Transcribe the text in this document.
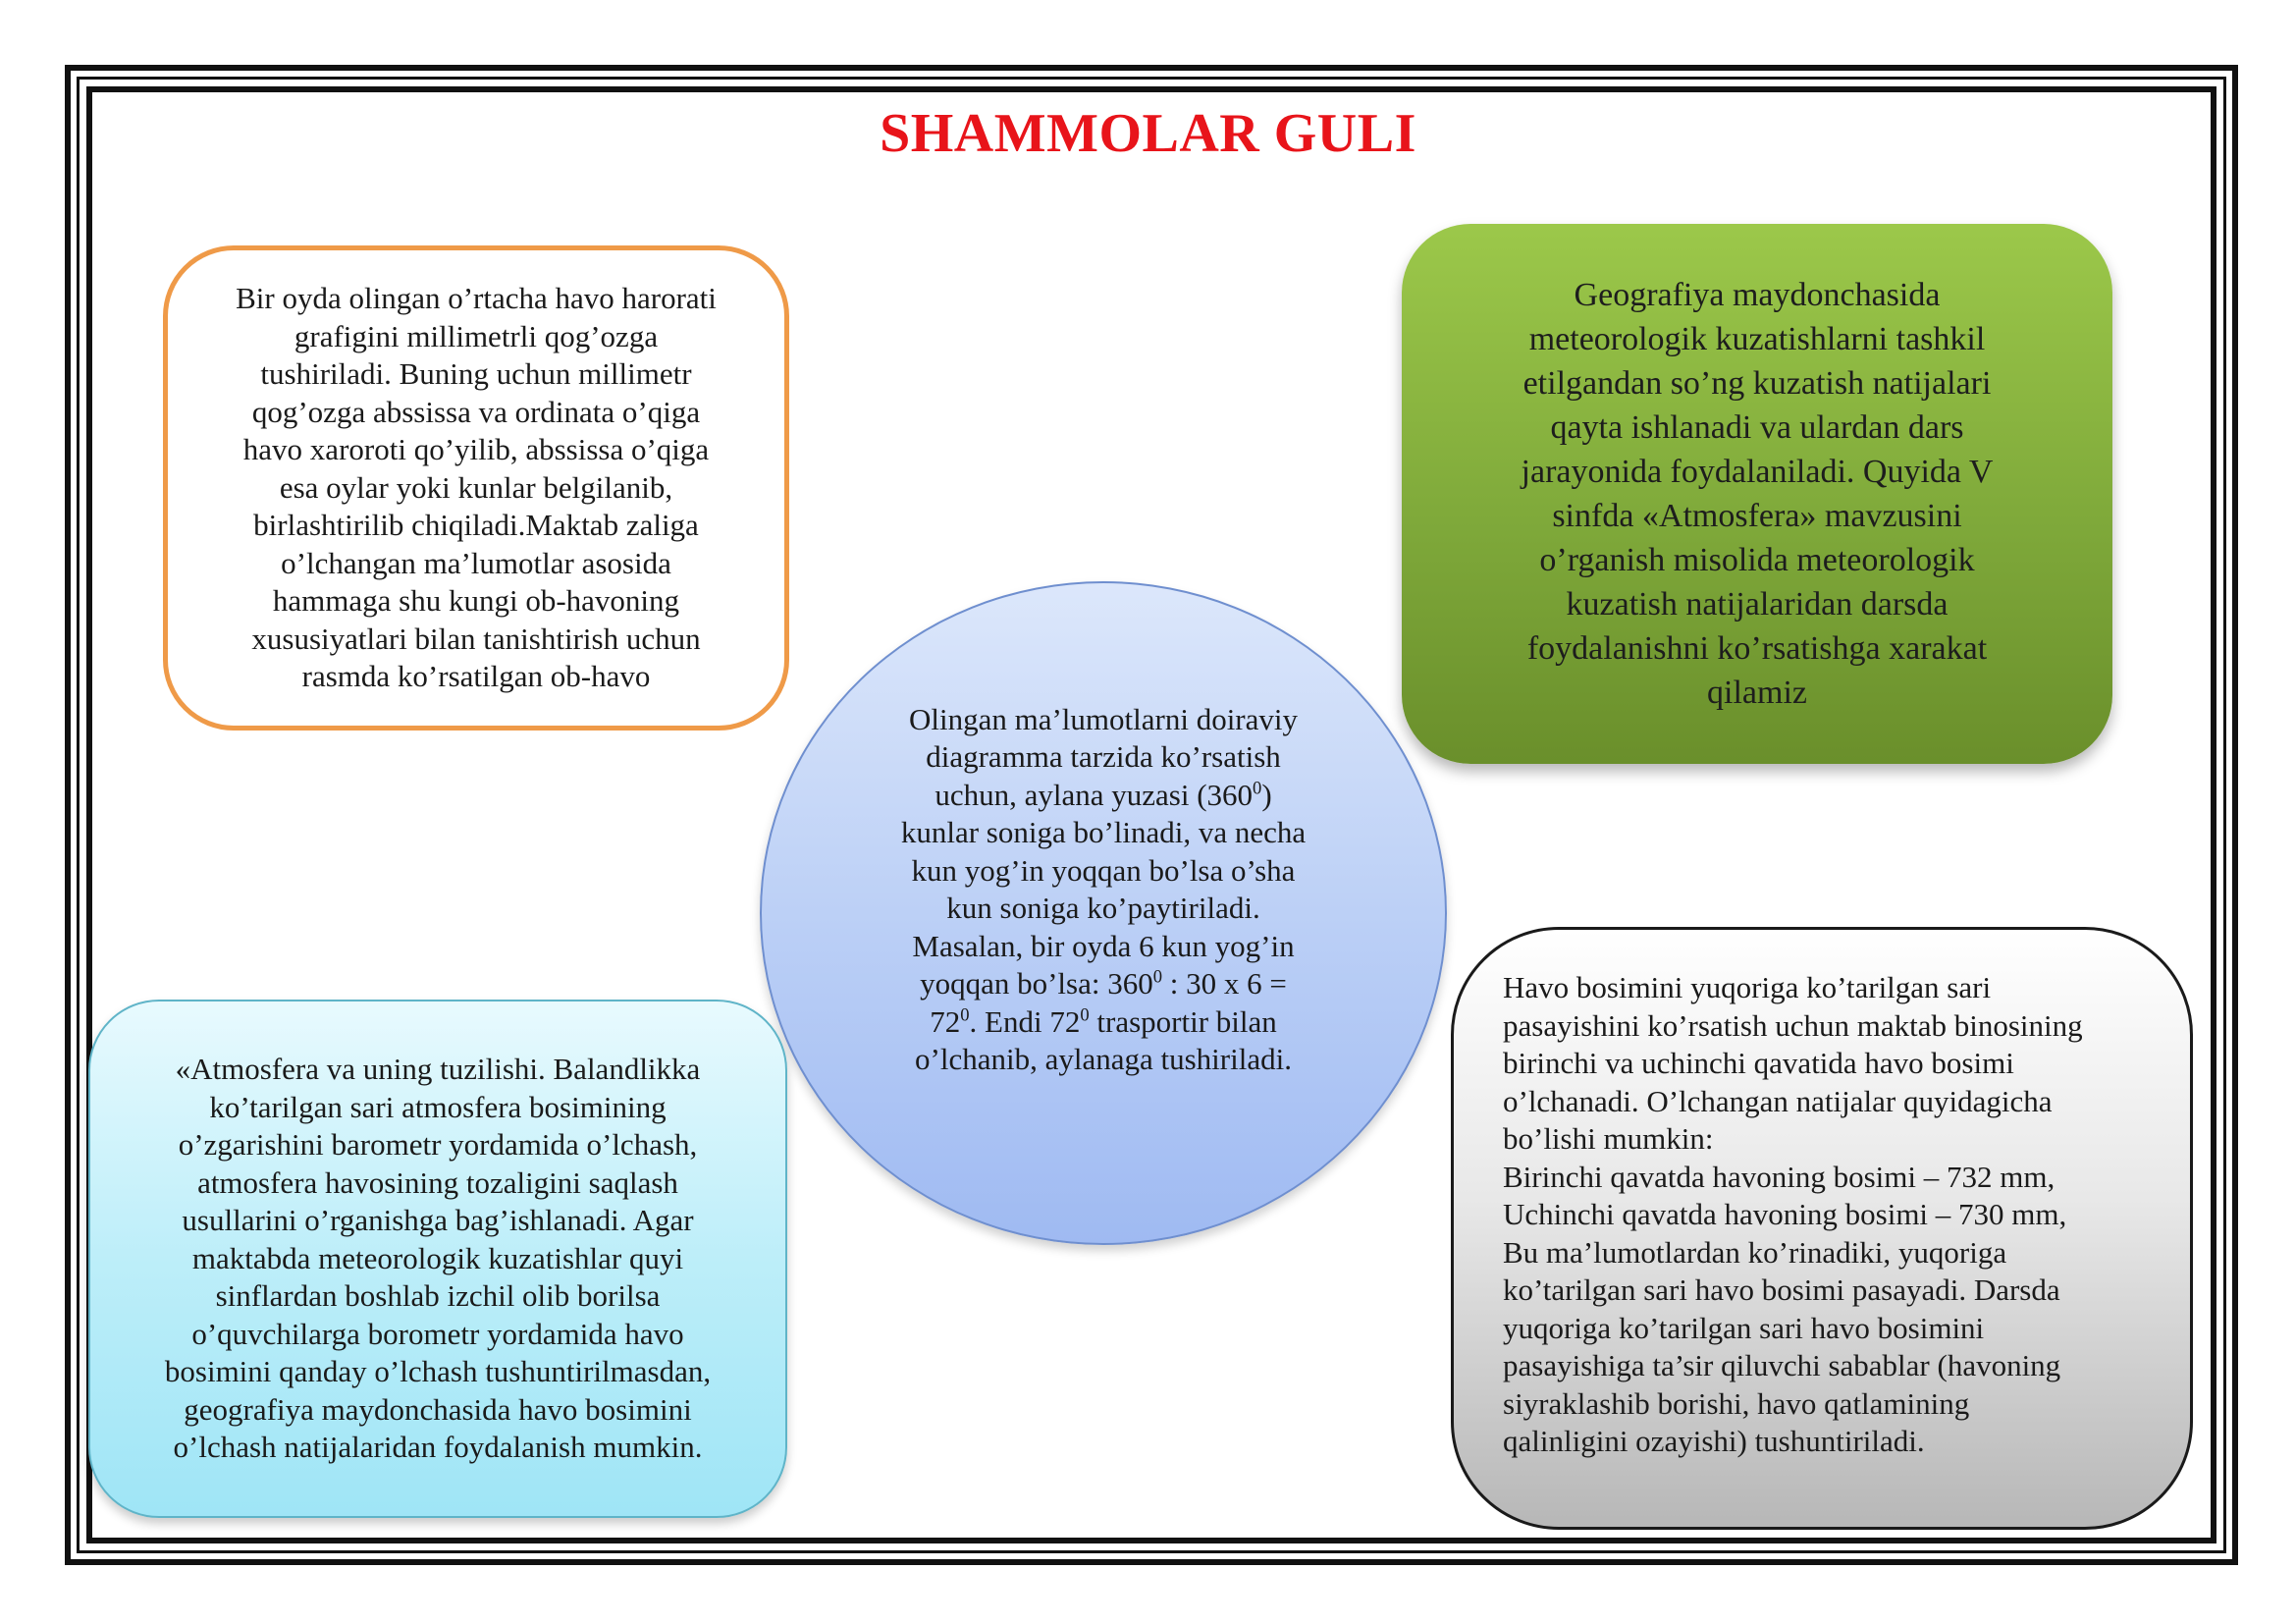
SHAMMOLAR GULI

Bir oyda olingan o’rtacha havo harorati
grafigini millimetrli qog’ozga
tushiriladi. Buning uchun millimetr
qog’ozga abssissa va ordinata o’qiga
havo xaroroti qo’yilib, abssissa o’qiga
esa oylar yoki kunlar belgilanib,
birlashtirilib chiqiladi.Maktab zaliga
o’lchangan ma’lumotlar asosida
hammaga shu kungi ob-havoning
xususiyatlari bilan tanishtirish uchun
rasmda ko’rsatilgan ob-havo

Geografiya maydonchasida
meteorologik kuzatishlarni tashkil
etilgandan so’ng kuzatish natijalari
qayta ishlanadi va ulardan dars
jarayonida foydalaniladi. Quyida V
sinfda «Atmosfera» mavzusini
o’rganish misolida meteorologik
kuzatish natijalaridan darsda
foydalanishni ko’rsatishga xarakat
qilamiz

Olingan ma’lumotlarni doiraviy
diagramma tarzida ko’rsatish
uchun, aylana yuzasi $(360^0)$
kunlar soniga bo’linadi, va necha
kun yog’in yoqqan bo’lsa o’sha
kun soniga ko’paytiriladi.
Masalan, bir oyda 6 kun yog’in
yoqqan bo’lsa: $360^0$ : 30 x 6 =
$72^0$. Endi $72^0$ trasportir bilan
o’lchanib, aylanaga tushiriladi.

«Atmosfera va uning tuzilishi. Balandlikka
ko’tarilgan sari atmosfera bosimining
o’zgarishini barometr yordamida o’lchash,
atmosfera havosining tozaligini saqlash
usullarini o’rganishga bag’ishlanadi. Agar
maktabda meteorologik kuzatishlar quyi
sinflardan boshlab izchil olib borilsa
o’quvchilarga borometr yordamida havo
bosimini qanday o’lchash tushuntirilmasdan,
geografiya maydonchasida havo bosimini
o’lchash natijalaridan foydalanish mumkin.

Havo bosimini yuqoriga ko’tarilgan sari
pasayishini ko’rsatish uchun maktab binosining
birinchi va uchinchi qavatida havo bosimi
o’lchanadi. O’lchangan natijalar quyidagicha
bo’lishi mumkin:
Birinchi qavatda havoning bosimi – 732 mm,
Uchinchi qavatda havoning bosimi – 730 mm,
Bu ma’lumotlardan ko’rinadiki, yuqoriga
ko’tarilgan sari havo bosimi pasayadi. Darsda
yuqoriga ko’tarilgan sari havo bosimini
pasayishiga ta’sir qiluvchi sabablar (havoning
siyraklashib borishi, havo qatlamining
qalinligini ozayishi) tushuntiriladi.
